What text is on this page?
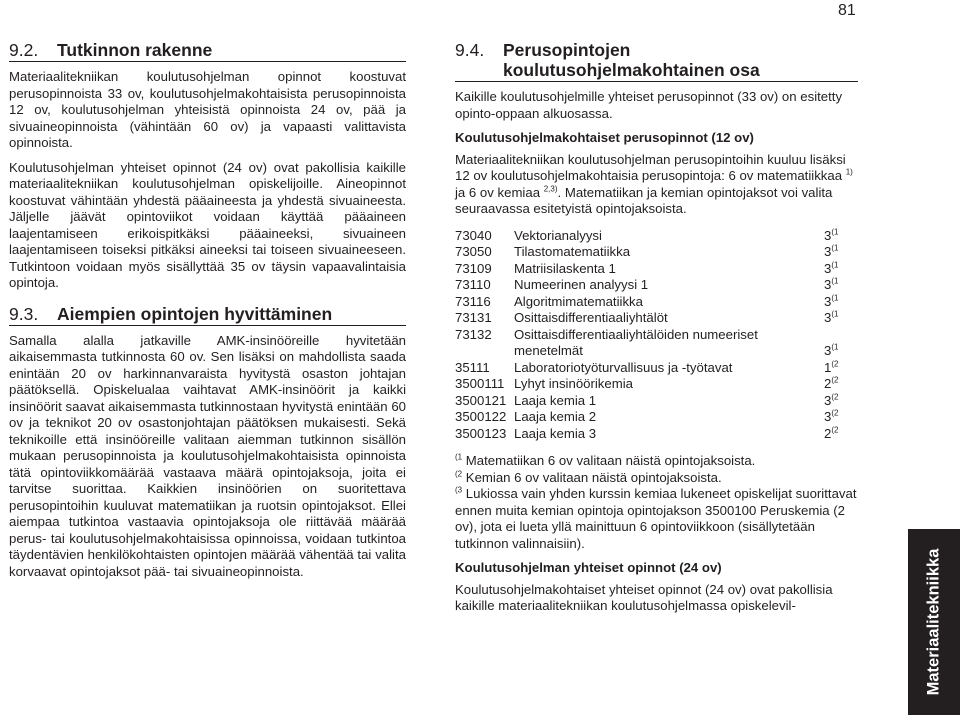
81
9.2. Tutkinnon rakenne

Materiaalitekniikan koulutusohjelman opinnot koostuvat perusopinnoista 33 ov, koulutusohjelmakohtaisista perusopinnoista 12 ov, koulutusohjelman yhteisistä opinnoista 24 ov, pää ja sivuaineopinnoista (vähintään 60 ov) ja vapaasti valittavista opinnoista.

Koulutusohjelman yhteiset opinnot (24 ov) ovat pakollisia kaikille materiaalitekniikan koulutusohjelman opiskelijoille. Aineopinnot koostuvat vähintään yhdestä pääaineesta ja yhdestä sivuaineesta. Jäljelle jäävät opintoviikot voidaan käyttää pääaineen laajentamiseen erikoispitkäksi pääaineeksi, sivuaineen laajentamiseen toiseksi pitkäksi aineeksi tai toiseen sivuaineeseen. Tutkintoon voidaan myös sisällyttää 35 ov täysin vapaavalintaisia opintoja.

9.3. Aiempien opintojen hyvittäminen

Samalla alalla jatkaville AMK-insinööreille hyvitetään aikaisemmasta tutkinnosta 60 ov. Sen lisäksi on mahdollista saada enintään 20 ov harkinnanvaraista hyvitystä osaston johtajan päätöksellä. Opiskelualaa vaihtavat AMK-insinöörit ja kaikki insinöörit saavat aikaisemmasta tutkinnostaan hyvitystä enintään 60 ov ja teknikot 20 ov osastonjohtajan päätöksen mukaisesti. Sekä teknikoille että insinööreille valitaan aiemman tutkinnon sisällön mukaan perusopinnoista ja koulutusohjelmakohtaisista opinnoista tätä opintoviikkomäärää vastaava määrä opintojaksoja, joita ei tarvitse suorittaa. Kaikkien insinöörien on suoritettava perusopintoihin kuuluvat matematiikan ja ruotsin opintojaksot. Ellei aiempaa tutkintoa vastaavia opintojaksoja ole riittävää määrää perus- tai koulutusohjelmakohtaisissa opinnoissa, voidaan tutkintoa täydentävien henkilökohtaisten opintojen määrää vähentää tai valita korvaavat opintojaksot pää- tai sivuaineopinnoista.

9.4. Perusopintojen
koulutusohjelmakohtainen osa

Kaikille koulutusohjelmille yhteiset perusopinnot (33 ov) on esitetty opinto-oppaan alkuosassa.

Koulutusohjelmakohtaiset perusopinnot (12 ov)

Materiaalitekniikan koulutusohjelman perusopintoihin kuuluu lisäksi 12 ov koulutusohjelmakohtaisia perusopintoja: 6 ov matematiikkaa $^{1)}$ ja 6 ov kemiaa $^{2,3)}$. Matematiikan ja kemian opintojaksot voi valita seuraavassa esitetyistä opintojaksoista.

73040	Vektorianalyysi	3$^{(1}$
73050	Tilastomatematiikka	3$^{(1}$
73109	Matriisilaskenta 1	3$^{(1}$
73110	Numeerinen analyysi 1	3$^{(1}$
73116	Algoritmimatematiikka	3$^{(1}$
73131	Osittaisdifferentiaaliyhtälöt	3$^{(1}$
73132	Osittaisdifferentiaaliyhtälöiden numeeriset	
	menetelmät	3$^{(1}$
35111	Laboratoriotyöturvallisuus ja -työtavat	1$^{(2}$
3500111	Lyhyt insinöörikemia	2$^{(2}$
3500121	Laaja kemia 1	3$^{(2}$
3500122	Laaja kemia 2	3$^{(2}$
3500123	Laaja kemia 3	2$^{(2}$

$^{(1}$ Matematiikan 6 ov valitaan näistä opintojaksoista.

$^{(2}$ Kemian 6 ov valitaan näistä opintojaksoista.

$^{(3}$ Lukiossa vain yhden kurssin kemiaa lukeneet opiskelijat suorittavat ennen muita kemian opintoja opintojakson 3500100 Peruskemia (2 ov), jota ei lueta yllä mainittuun 6 opintoviikkoon (sisällytetään tutkinnon valinnaisiin).

Koulutusohjelman yhteiset opinnot (24 ov)

Koulutusohjelmakohtaiset yhteiset opinnot (24 ov) ovat pakollisia kaikille materiaalitekniikan koulutusohjelmassa opiskelevil-	Materiaalitekniikka
